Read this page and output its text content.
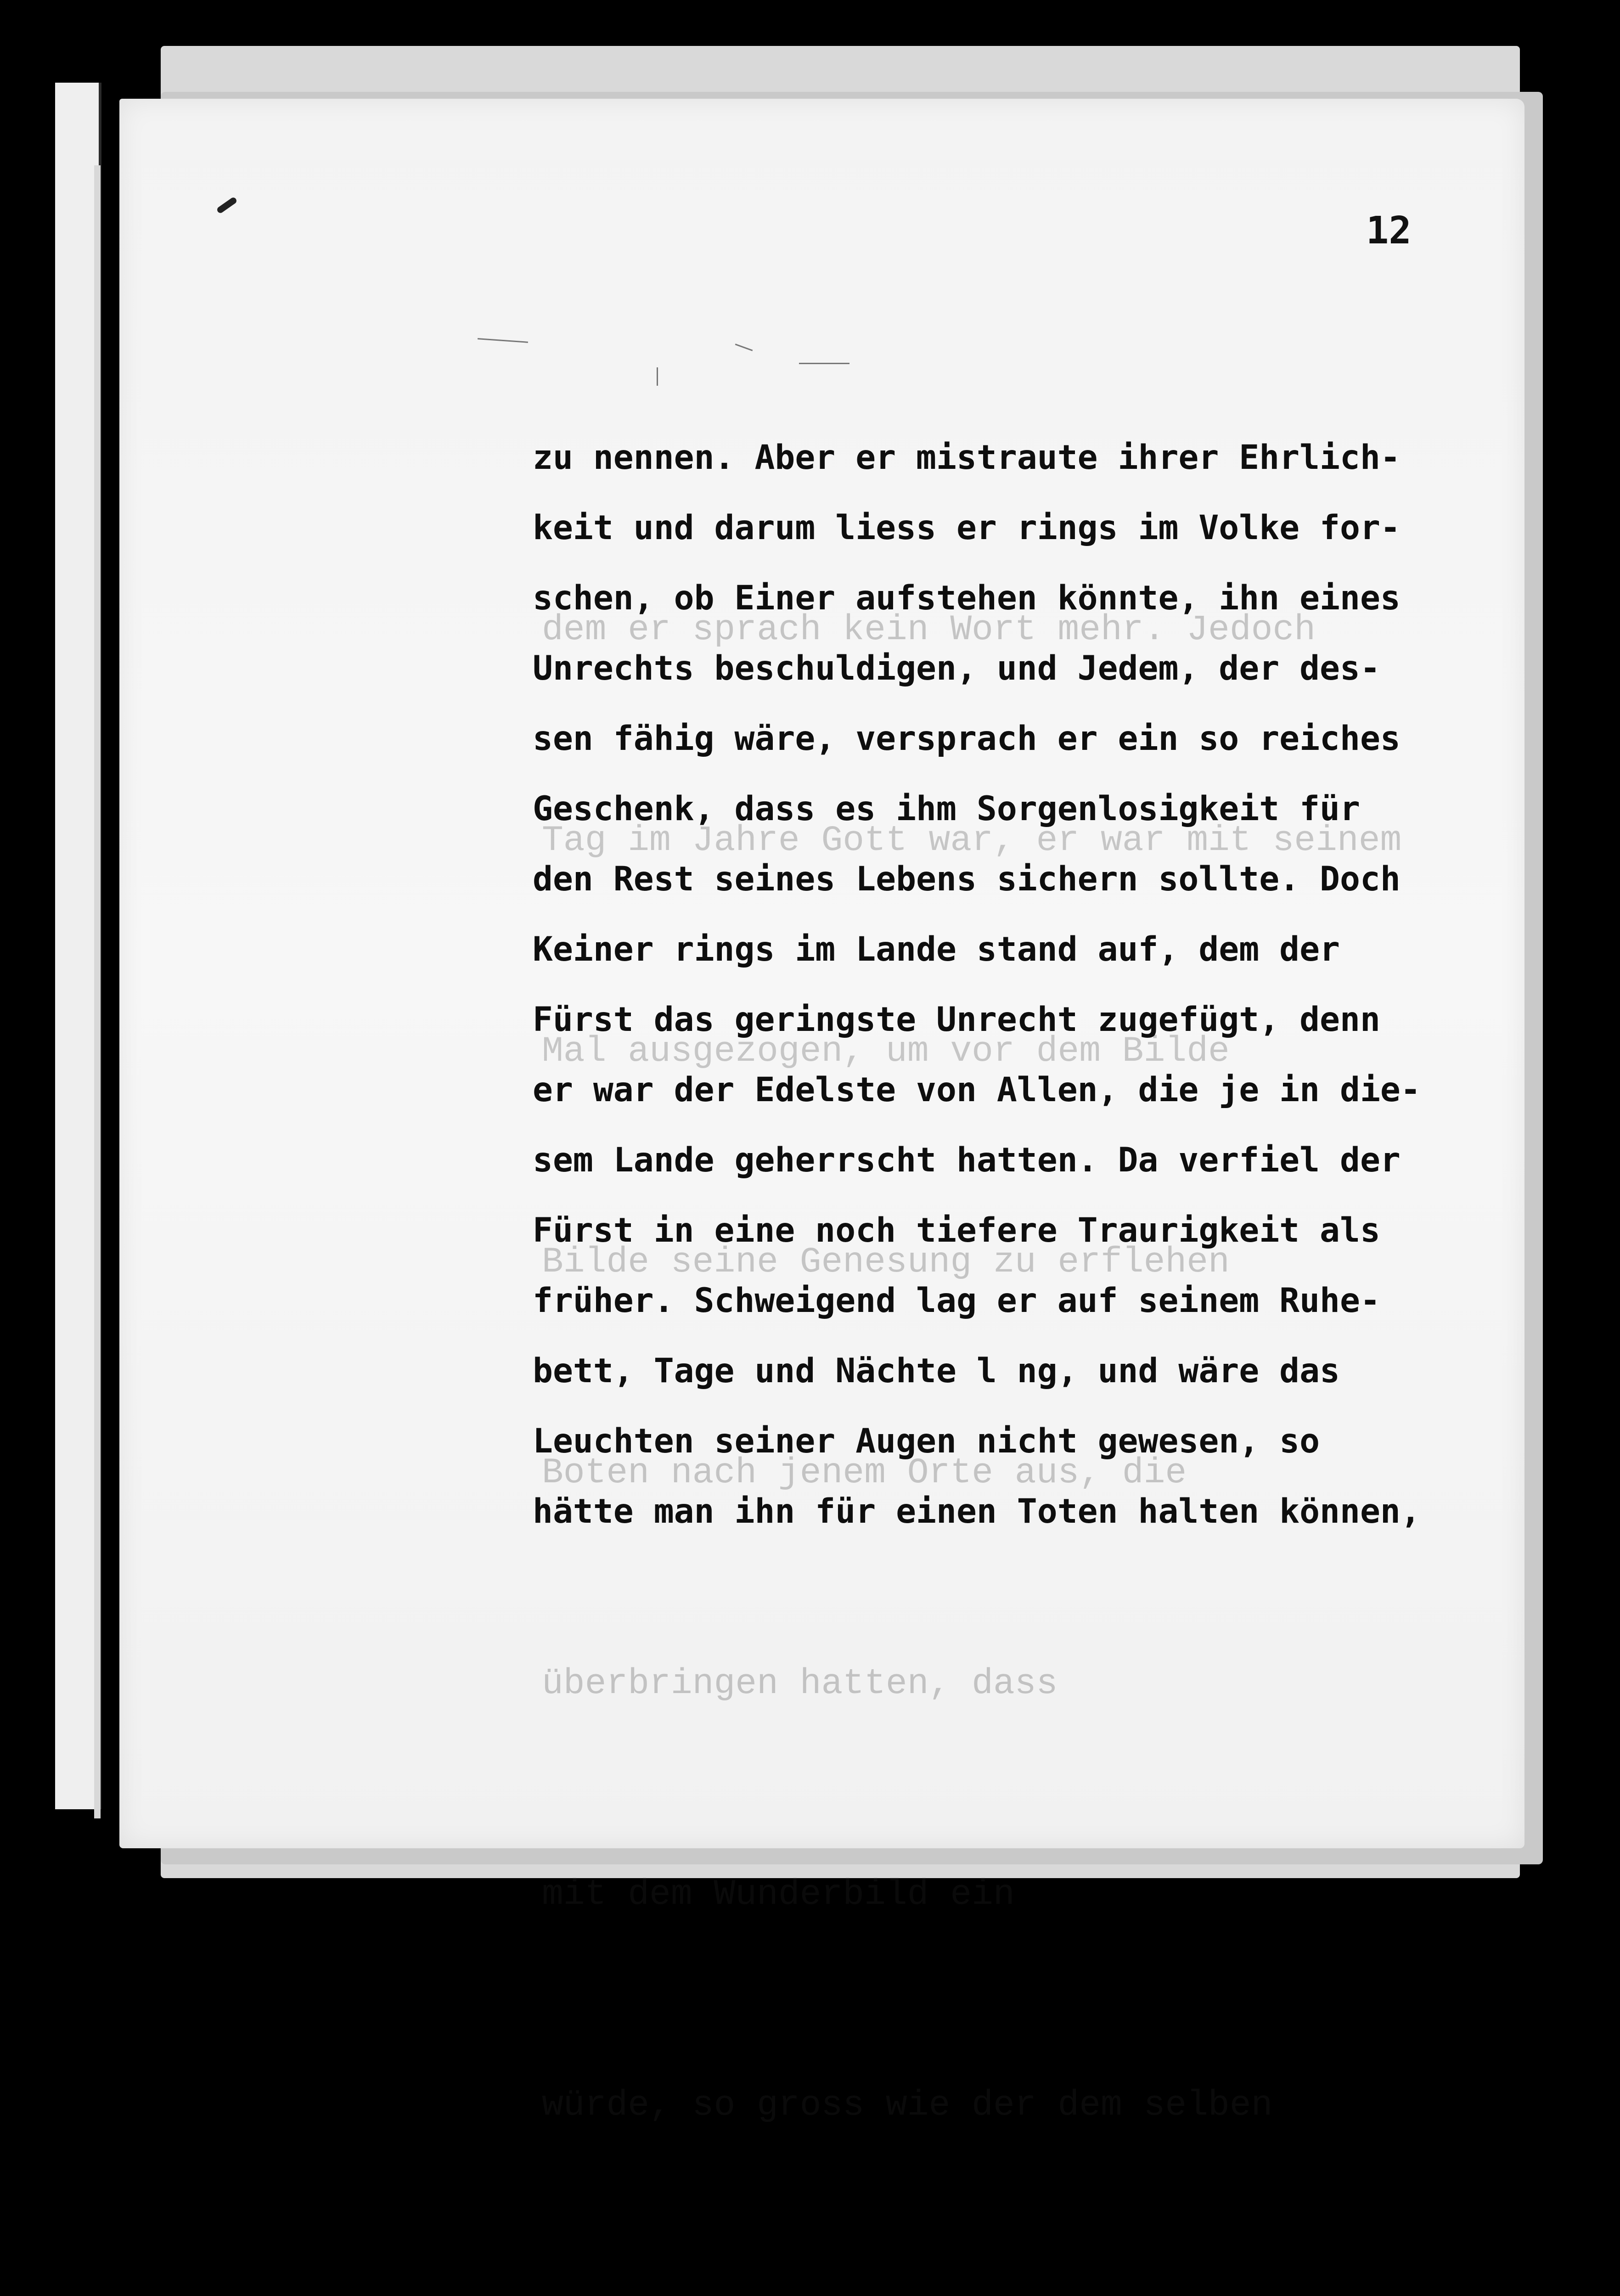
12

dem er sprach kein Wort mehr. Jedoch

Tag im Jahre Gott war, er war mit seinem

Mal ausgezogen, um vor dem Bilde

Bilde seine Genesung zu erflehen

Boten nach jenem Orte aus, die

überbringen hatten, dass

mit dem Wunderbild ein

würde, so gross wie der dem selben

zu nennen. Aber er mistraute ihrer Ehrlich-
keit und darum liess er rings im Volke for-
schen, ob Einer aufstehen könnte, ihn eines
Unrechts beschuldigen, und Jedem, der des-
sen fähig wäre, versprach er ein so reiches
Geschenk, dass es ihm Sorgenlosigkeit für
den Rest seines Lebens sichern sollte. Doch
Keiner rings im Lande stand auf, dem der
Fürst das geringste Unrecht zugefügt, denn
er war der Edelste von Allen, die je in die-
sem Lande geherrscht hatten. Da verfiel der
Fürst in eine noch tiefere Traurigkeit als
früher. Schweigend lag er auf seinem Ruhe-
bett, Tage und Nächte l ng, und wäre das
Leuchten seiner Augen nicht gewesen, so
hätte man ihn für einen Toten halten können,
